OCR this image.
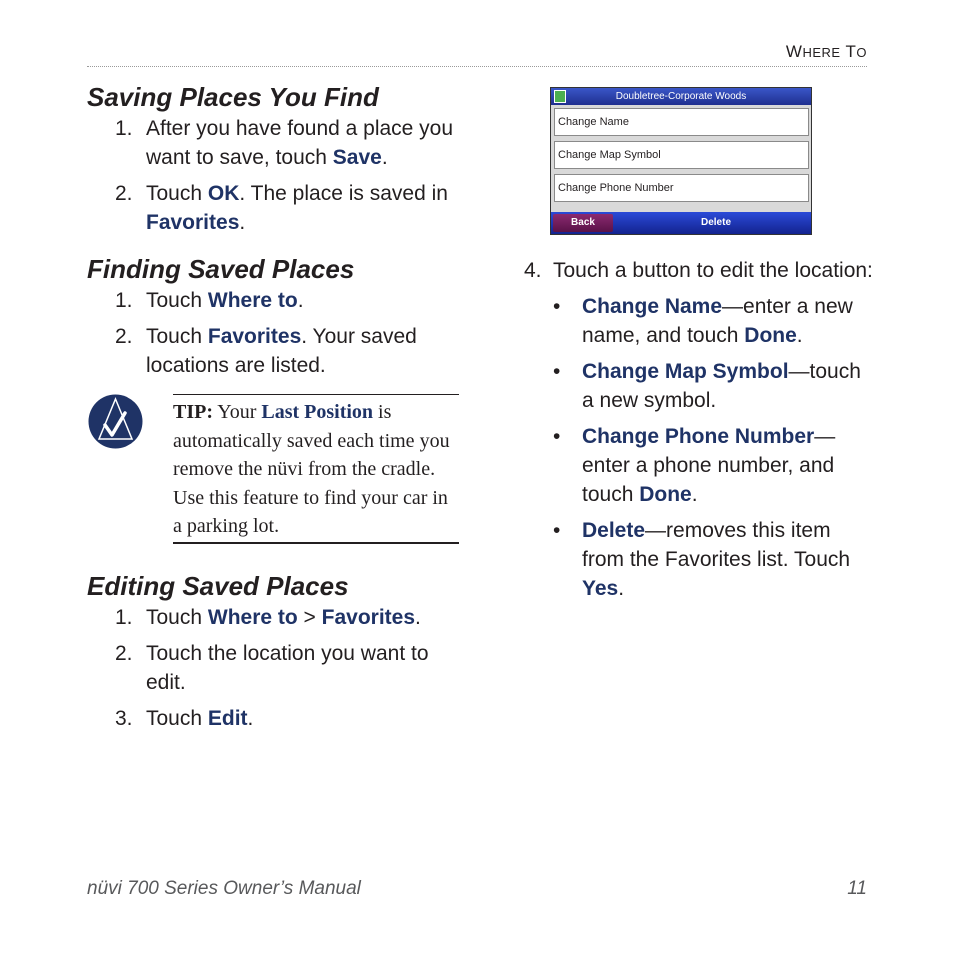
WHERE TO
Saving Places You Find
1. After you have found a place you
want to save, touch Save.
2. Touch OK. The place is saved in
Favorites.
Finding Saved Places
1. Touch Where to.
2. Touch Favorites. Your saved
locations are listed.
TIP: Your Last Position is
automatically saved each time you
remove the nüvi from the cradle.
Use this feature to find your car in
a parking lot.
Editing Saved Places
1. Touch Where to > Favorites.
2. Touch the location you want to
edit.
3. Touch Edit.
Doubletree-Corporate Woods
Change Name
Change Map Symbol
Change Phone Number
Back	Delete
4. Touch a button to edit the location:
• Change Name—enter a new
name, and touch Done.
• Change Map Symbol—touch
a new symbol.
• Change Phone Number—
enter a phone number, and
touch Done.
• Delete—removes this item
from the Favorites list. Touch
Yes.
nüvi 700 Series Owner’s Manual	11
